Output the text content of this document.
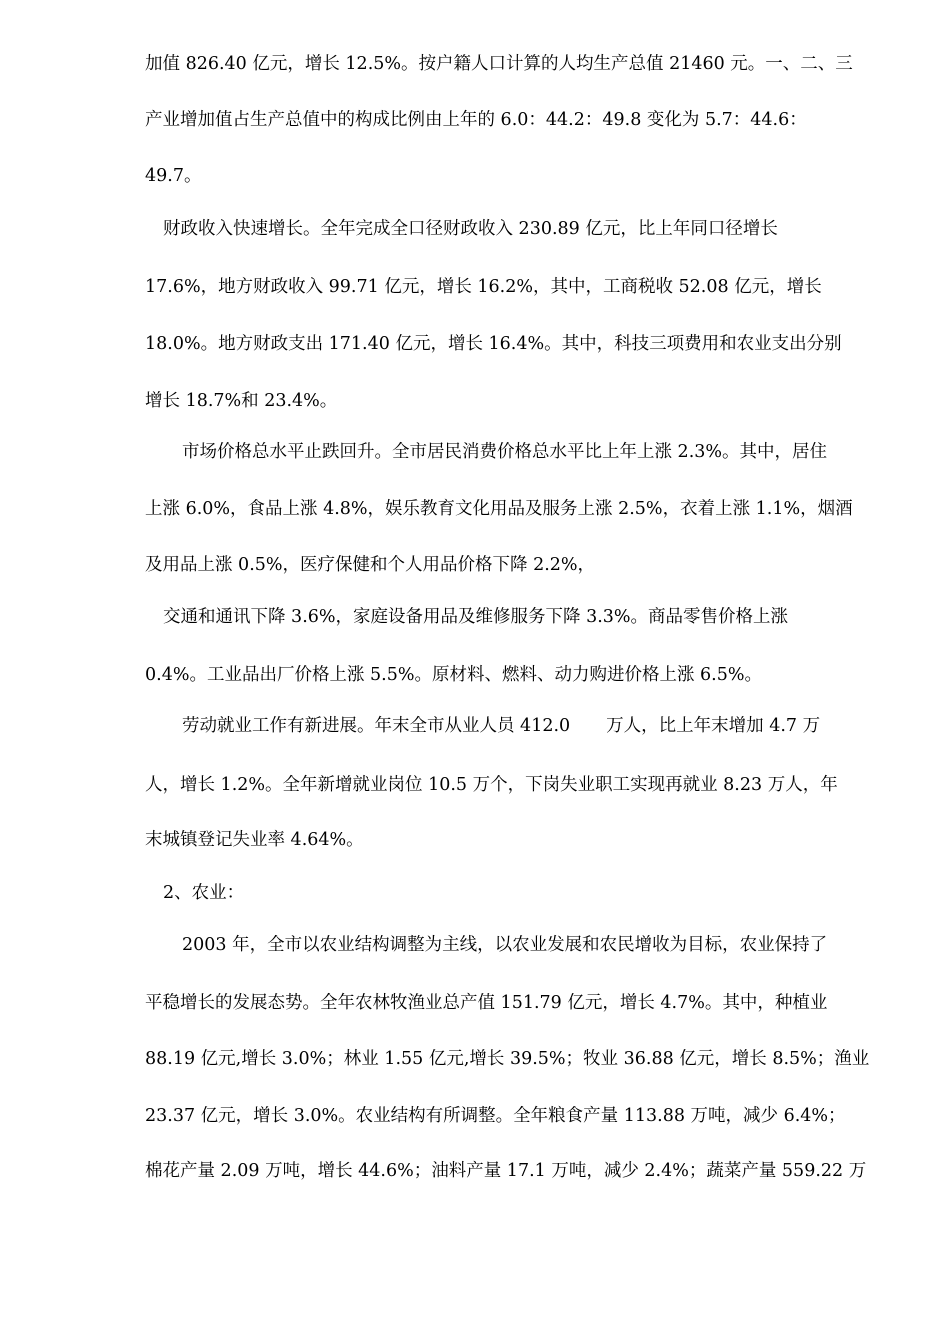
加值 826.40 亿元，增长 12.5%。按户籍人口计算的人均生产总值 21460 元。一、二、三
产业增加值占生产总值中的构成比例由上年的 6.0：44.2：49.8 变化为 5.7：44.6：
49.7。
财政收入快速增长。全年完成全口径财政收入 230.89 亿元，比上年同口径增长
17.6%，地方财政收入 99.71 亿元，增长 16.2%，其中，工商税收 52.08 亿元，增长
18.0%。地方财政支出 171.40 亿元，增长 16.4%。其中，科技三项费用和农业支出分别
增长 18.7%和 23.4%。
市场价格总水平止跌回升。全市居民消费价格总水平比上年上涨 2.3%。其中，居住
上涨 6.0%，食品上涨 4.8%，娱乐教育文化用品及服务上涨 2.5%，衣着上涨 1.1%，烟酒
及用品上涨 0.5%，医疗保健和个人用品价格下降 2.2%，
交通和通讯下降 3.6%，家庭设备用品及维修服务下降 3.3%。商品零售价格上涨
0.4%。工业品出厂价格上涨 5.5%。原材料、燃料、动力购进价格上涨 6.5%。
劳动就业工作有新进展。年末全市从业人员 412.0 万人，比上年末增加 4.7 万
人，增长 1.2%。全年新增就业岗位 10.5 万个，下岗失业职工实现再就业 8.23 万人，年
末城镇登记失业率 4.64%。
2、农业：
2003 年，全市以农业结构调整为主线，以农业发展和农民增收为目标，农业保持了
平稳增长的发展态势。全年农林牧渔业总产值 151.79 亿元，增长 4.7%。其中，种植业
88.19 亿元,增长 3.0%；林业 1.55 亿元,增长 39.5%；牧业 36.88 亿元，增长 8.5%；渔业
23.37 亿元，增长 3.0%。农业结构有所调整。全年粮食产量 113.88 万吨，减少 6.4%；
棉花产量 2.09 万吨，增长 44.6%；油料产量 17.1 万吨，减少 2.4%；蔬菜产量 559.22 万
